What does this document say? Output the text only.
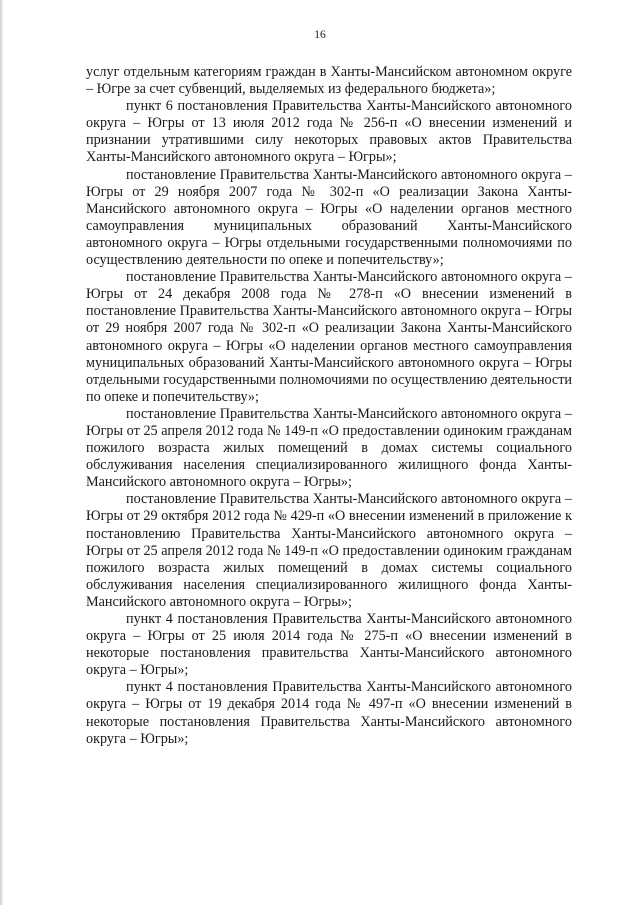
16

услуг отдельным категориям граждан в Ханты-Мансийском автономном округе – Югре за счет субвенций, выделяемых из федерального бюджета»;

пункт 6 постановления Правительства Ханты-Мансийского автономного округа – Югры от 13 июля 2012 года № 256-п «О внесении изменений и признании утратившими силу некоторых правовых актов Правительства Ханты-Мансийского автономного округа – Югры»;

постановление Правительства Ханты-Мансийского автономного округа – Югры от 29 ноября 2007 года № 302-п «О реализации Закона Ханты-Мансийского автономного округа – Югры «О наделении органов местного самоуправления муниципальных образований Ханты-Мансийского автономного округа – Югры отдельными государственными полномочиями по осуществлению деятельности по опеке и попечительству»;

постановление Правительства Ханты-Мансийского автономного округа – Югры от 24 декабря 2008 года № 278-п «О внесении изменений в постановление Правительства Ханты-Мансийского автономного округа – Югры от 29 ноября 2007 года № 302-п «О реализации Закона Ханты-Мансийского автономного округа – Югры «О наделении органов местного самоуправления муниципальных образований Ханты-Мансийского автономного округа – Югры отдельными государственными полномочиями по осуществлению деятельности по опеке и попечительству»;

постановление Правительства Ханты-Мансийского автономного округа – Югры от 25 апреля 2012 года № 149-п «О предоставлении одиноким гражданам пожилого возраста жилых помещений в домах системы социального обслуживания населения специализированного жилищного фонда Ханты-Мансийского автономного округа – Югры»;

постановление Правительства Ханты-Мансийского автономного округа – Югры от 29 октября 2012 года № 429-п «О внесении изменений в приложение к постановлению Правительства Ханты-Мансийского автономного округа – Югры от 25 апреля 2012 года № 149-п «О предоставлении одиноким гражданам пожилого возраста жилых помещений в домах системы социального обслуживания населения специализированного жилищного фонда Ханты-Мансийского автономного округа – Югры»;

пункт 4 постановления Правительства Ханты-Мансийского автономного округа – Югры от 25 июля 2014 года № 275-п «О внесении изменений в некоторые постановления правительства Ханты-Мансийского автономного округа – Югры»;

пункт 4 постановления Правительства Ханты-Мансийского автономного округа – Югры от 19 декабря 2014 года № 497-п «О внесении изменений в некоторые постановления Правительства Ханты-Мансийского автономного округа – Югры»;
